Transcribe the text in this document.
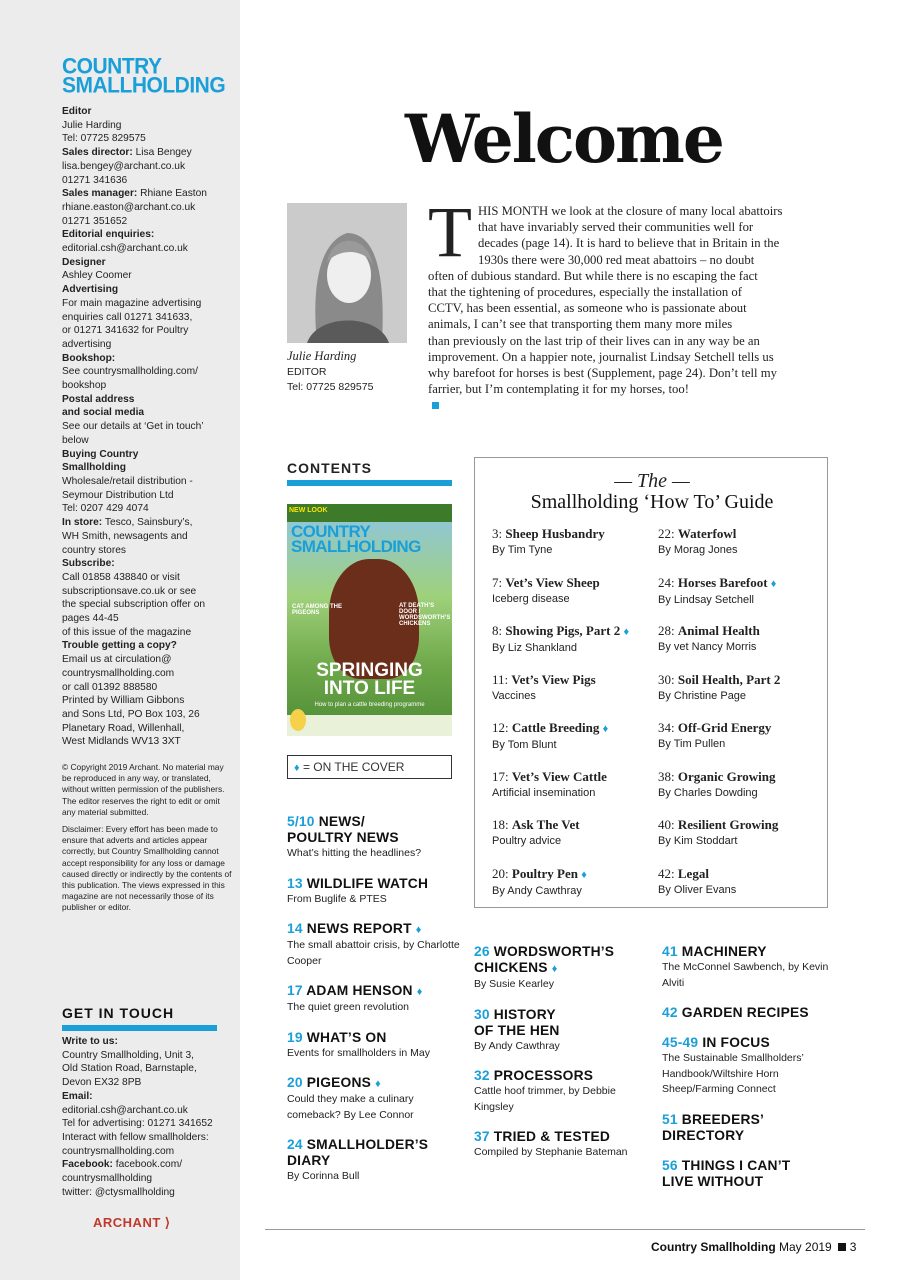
COUNTRY
SMALLHOLDING
Editor
Julie Harding
Tel: 07725 829575
Sales director: Lisa Bengey
lisa.bengey@archant.co.uk
01271 341636
Sales manager: Rhiane Easton
rhiane.easton@archant.co.uk
01271 351652
Editorial enquiries:
editorial.csh@archant.co.uk
Designer
Ashley Coomer
Advertising
For main magazine advertising
enquiries call 01271 341633,
or 01271 341632 for Poultry
advertising
Bookshop:
See countrysmallholding.com/
bookshop
Postal address
and social media
See our details at ‘Get in touch’
below
Buying Country
Smallholding
Wholesale/retail distribution -
Seymour Distribution Ltd
Tel: 0207 429 4074
In store: Tesco, Sainsbury’s,
WH Smith, newsagents and
country stores
Subscribe:
Call 01858 438840 or visit
subscriptionsave.co.uk or see
the special subscription offer on
pages 44-45
of this issue of the magazine
Trouble getting a copy?
Email us at circulation@
countrysmallholding.com
or call 01392 888580
Printed by William Gibbons
and Sons Ltd, PO Box 103, 26
Planetary Road, Willenhall,
West Midlands WV13 3XT

© Copyright 2019 Archant. No material may be reproduced in any way, or translated, without written permission of the publishers. The editor reserves the right to edit or omit any material submitted.

Disclaimer: Every effort has been made to ensure that adverts and articles appear correctly, but Country Smallholding cannot accept responsibility for any loss or damage caused directly or indirectly by the contents of this publication. The views expressed in this magazine are not necessarily those of its publisher or editor.

GET IN TOUCH
Write to us:
Country Smallholding, Unit 3,
Old Station Road, Barnstaple,
Devon EX32 8PB
Email:
editorial.csh@archant.co.uk
Tel for advertising: 01271 341652
Interact with fellow smallholders:
countrysmallholding.com
Facebook: facebook.com/
countrysmallholding
twitter: @ctysmallholding
ARCHANT ⟩
Welcome
Julie Harding
EDITOR
Tel: 07725 829575
T HIS MONTH we look at the closure of many local abattoirs
that have invariably served their communities well for
decades (page 14). It is hard to believe that in Britain in the
1930s there were 30,000 red meat abattoirs – no doubt
often of dubious standard. But while there is no escaping the fact
that the tightening of procedures, especially the installation of
CCTV, has been essential, as someone who is passionate about
animals, I can’t see that transporting them many more miles
than previously on the last trip of their lives can in any way be an
improvement. On a happier note, journalist Lindsay Setchell tells us
why barefoot for horses is best (Supplement, page 24). Don’t tell my
farrier, but I’m contemplating it for my horses, too!
CONTENTS
NEW LOOK
COUNTRY
SMALLHOLDING
CAT AMONG THE PIGEONS
AT DEATH’S DOOR / WORDSWORTH’S CHICKENS
SPRINGING
INTO LIFE
How to plan a cattle breeding programme
♦ = ON THE COVER
5/10 NEWS/
POULTRY NEWS
What’s hitting the headlines?
13 WILDLIFE WATCH
From Buglife & PTES
14 NEWS REPORT ♦
The small abattoir crisis, by Charlotte Cooper
17 ADAM HENSON ♦
The quiet green revolution
19 WHAT’S ON
Events for smallholders in May
20 PIGEONS ♦
Could they make a culinary comeback? By Lee Connor
24 SMALLHOLDER’S
DIARY
By Corinna Bull
— The —
Smallholding ‘How To’ Guide
3: Sheep Husbandry
By Tim Tyne
7: Vet’s View Sheep
Iceberg disease
8: Showing Pigs, Part 2 ♦
By Liz Shankland
11: Vet’s View Pigs
Vaccines
12: Cattle Breeding ♦
By Tom Blunt
17: Vet’s View Cattle
Artificial insemination
18: Ask The Vet
Poultry advice
20: Poultry Pen ♦
By Andy Cawthray
22: Waterfowl
By Morag Jones
24: Horses Barefoot ♦
By Lindsay Setchell
28: Animal Health
By vet Nancy Morris
30: Soil Health, Part 2
By Christine Page
34: Off-Grid Energy
By Tim Pullen
38: Organic Growing
By Charles Dowding
40: Resilient Growing
By Kim Stoddart
42: Legal
By Oliver Evans
26 WORDSWORTH’S
CHICKENS ♦
By Susie Kearley
30 HISTORY
OF THE HEN
By Andy Cawthray
32 PROCESSORS
Cattle hoof trimmer, by Debbie Kingsley
37 TRIED & TESTED
Compiled by Stephanie Bateman
41 MACHINERY
The McConnel Sawbench, by Kevin Alviti
42 GARDEN RECIPES
45-49 IN FOCUS
The Sustainable Smallholders’ Handbook/Wiltshire Horn Sheep/Farming Connect
51 BREEDERS’
DIRECTORY
56 THINGS I CAN’T
LIVE WITHOUT
Country Smallholding May 2019 3
